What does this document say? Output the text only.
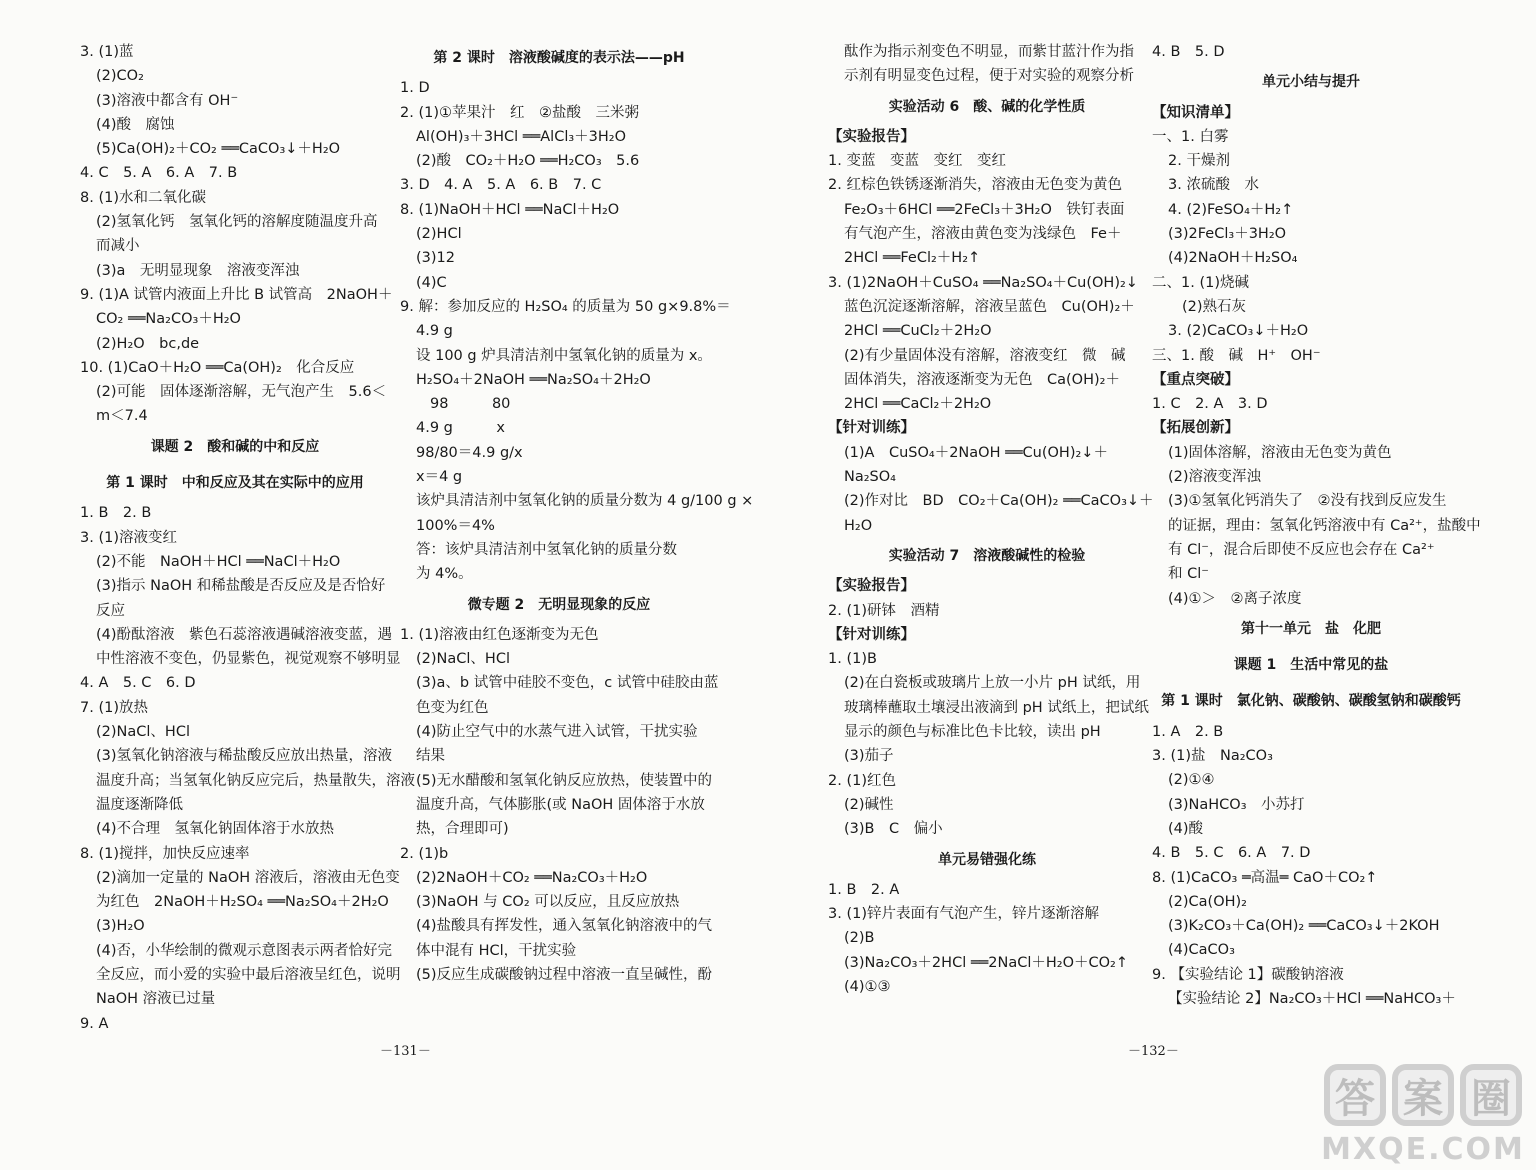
3. (1)蓝
(2)CO₂
(3)溶液中都含有 OH⁻
(4)酸　腐蚀
(5)Ca(OH)₂＋CO₂ ══CaCO₃↓＋H₂O
4. C　5. A　6. A　7. B
8. (1)水和二氧化碳
(2)氢氧化钙　氢氧化钙的溶解度随温度升高
而减小
(3)a　无明显现象　溶液变浑浊
9. (1)A 试管内液面上升比 B 试管高　2NaOH＋
CO₂ ══Na₂CO₃＋H₂O
(2)H₂O　bc,de
10. (1)CaO＋H₂O ══Ca(OH)₂　化合反应
(2)可能　固体逐渐溶解，无气泡产生　5.6＜
m＜7.4
课题 2　酸和碱的中和反应
第 1 课时　中和反应及其在实际中的应用
1. B　2. B
3. (1)溶液变红
(2)不能　NaOH＋HCl ══NaCl＋H₂O
(3)指示 NaOH 和稀盐酸是否反应及是否恰好
反应
(4)酚酞溶液　紫色石蕊溶液遇碱溶液变蓝，遇
中性溶液不变色，仍显紫色，视觉观察不够明显
4. A　5. C　6. D
7. (1)放热
(2)NaCl、HCl
(3)氢氧化钠溶液与稀盐酸反应放出热量，溶液
温度升高；当氢氧化钠反应完后，热量散失，溶液
温度逐渐降低
(4)不合理　氢氧化钠固体溶于水放热
8. (1)搅拌，加快反应速率
(2)滴加一定量的 NaOH 溶液后，溶液由无色变
为红色　2NaOH＋H₂SO₄ ══Na₂SO₄＋2H₂O
(3)H₂O
(4)否，小华绘制的微观示意图表示两者恰好完
全反应，而小爱的实验中最后溶液呈红色，说明
NaOH 溶液已过量
9. A
第 2 课时　溶液酸碱度的表示法——pH
1. D
2. (1)①苹果汁　红　②盐酸　三米粥
Al(OH)₃＋3HCl ══AlCl₃＋3H₂O
(2)酸　CO₂＋H₂O ══H₂CO₃　5.6
3. D　4. A　5. A　6. B　7. C
8. (1)NaOH＋HCl ══NaCl＋H₂O
(2)HCl
(3)12
(4)C
9. 解：参加反应的 H₂SO₄ 的质量为 50 g×9.8%＝
4.9 g
设 100 g 炉具清洁剂中氢氧化钠的质量为 x。
H₂SO₄＋2NaOH ══Na₂SO₄＋2H₂O
98　　　80
4.9 g　　　x
98/80＝4.9 g/x
x＝4 g
该炉具清洁剂中氢氧化钠的质量分数为 4 g/100 g ×
100%＝4%
答：该炉具清洁剂中氢氧化钠的质量分数
为 4%。
微专题 2　无明显现象的反应
1. (1)溶液由红色逐渐变为无色
(2)NaCl、HCl
(3)a、b 试管中硅胶不变色，c 试管中硅胶由蓝
色变为红色
(4)防止空气中的水蒸气进入试管，干扰实验
结果
(5)无水醋酸和氢氧化钠反应放热，使装置中的
温度升高，气体膨胀(或 NaOH 固体溶于水放
热，合理即可)
2. (1)b
(2)2NaOH＋CO₂ ══Na₂CO₃＋H₂O
(3)NaOH 与 CO₂ 可以反应，且反应放热
(4)盐酸具有挥发性，通入氢氧化钠溶液中的气
体中混有 HCl，干扰实验
(5)反应生成碳酸钠过程中溶液一直呈碱性，酚
酞作为指示剂变色不明显，而紫甘蓝汁作为指
示剂有明显变色过程，便于对实验的观察分析
实验活动 6　酸、碱的化学性质
【实验报告】
1. 变蓝　变蓝　变红　变红
2. 红棕色铁锈逐渐消失，溶液由无色变为黄色
Fe₂O₃＋6HCl ══2FeCl₃＋3H₂O　铁钉表面
有气泡产生，溶液由黄色变为浅绿色　Fe＋
2HCl ══FeCl₂＋H₂↑
3. (1)2NaOH＋CuSO₄ ══Na₂SO₄＋Cu(OH)₂↓
蓝色沉淀逐渐溶解，溶液呈蓝色　Cu(OH)₂＋
2HCl ══CuCl₂＋2H₂O
(2)有少量固体没有溶解，溶液变红　微　碱
固体消失，溶液逐渐变为无色　Ca(OH)₂＋
2HCl ══CaCl₂＋2H₂O
【针对训练】
(1)A　CuSO₄＋2NaOH ══Cu(OH)₂↓＋
Na₂SO₄
(2)作对比　BD　CO₂＋Ca(OH)₂ ══CaCO₃↓＋
H₂O
实验活动 7　溶液酸碱性的检验
【实验报告】
2. (1)研钵　酒精
【针对训练】
1. (1)B
(2)在白瓷板或玻璃片上放一小片 pH 试纸，用
玻璃棒蘸取土壤浸出液滴到 pH 试纸上，把试纸
显示的颜色与标准比色卡比较，读出 pH
(3)茄子
2. (1)红色
(2)碱性
(3)B　C　偏小
单元易错强化练
1. B　2. A
3. (1)锌片表面有气泡产生，锌片逐渐溶解
(2)B
(3)Na₂CO₃＋2HCl ══2NaCl＋H₂O＋CO₂↑
(4)①③
4. B　5. D
单元小结与提升
【知识清单】
一、1. 白雾
2. 干燥剂
3. 浓硫酸　水
4. (2)FeSO₄＋H₂↑
(3)2FeCl₃＋3H₂O
(4)2NaOH＋H₂SO₄
二、1. (1)烧碱
(2)熟石灰
3. (2)CaCO₃↓＋H₂O
三、1. 酸　碱　H⁺　OH⁻
【重点突破】
1. C　2. A　3. D
【拓展创新】
(1)固体溶解，溶液由无色变为黄色
(2)溶液变浑浊
(3)①氢氧化钙消失了　②没有找到反应发生
的证据，理由：氢氧化钙溶液中有 Ca²⁺，盐酸中
有 Cl⁻，混合后即使不反应也会存在 Ca²⁺
和 Cl⁻
(4)①＞　②离子浓度
第十一单元　盐　化肥
课题 1　生活中常见的盐
第 1 课时　氯化钠、碳酸钠、碳酸氢钠和碳酸钙
1. A　2. B
3. (1)盐　Na₂CO₃
(2)①④
(3)NaHCO₃　小苏打
(4)酸
4. B　5. C　6. A　7. D
8. (1)CaCO₃ ═高温═ CaO＋CO₂↑
(2)Ca(OH)₂
(3)K₂CO₃＋Ca(OH)₂ ══CaCO₃↓＋2KOH
(4)CaCO₃
9. 【实验结论 1】碳酸钠溶液
【实验结论 2】Na₂CO₃＋HCl ══NaHCO₃＋
－131－	－132－
答 案 圈
MXQE.COM
